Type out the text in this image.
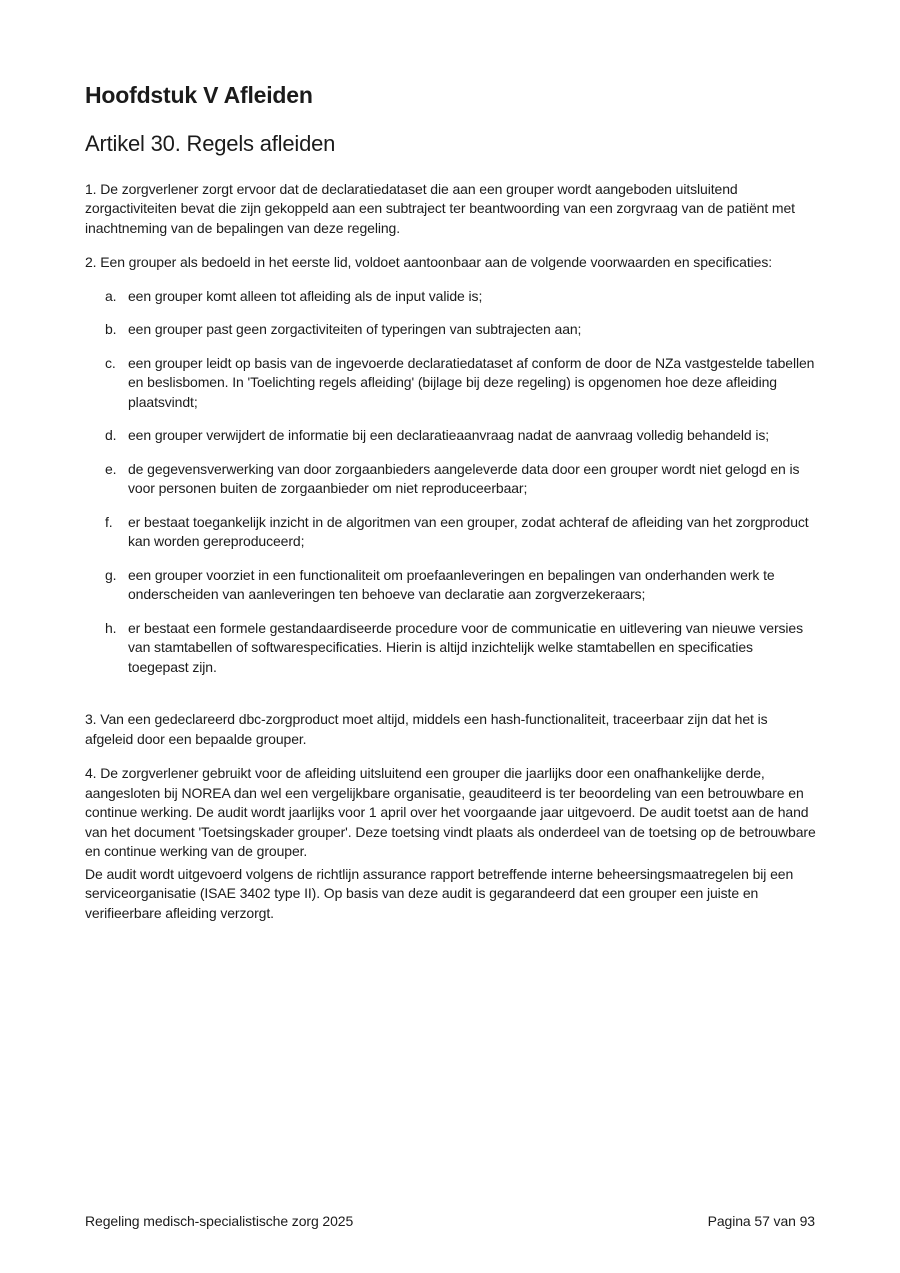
Hoofdstuk V Afleiden
Artikel 30. Regels afleiden

1. De zorgverlener zorgt ervoor dat de declaratiedataset die aan een grouper wordt aangeboden uitsluitend zorgactiviteiten bevat die zijn gekoppeld aan een subtraject ter beantwoording van een zorgvraag van de patiënt met inachtneming van de bepalingen van deze regeling.

2. Een grouper als bedoeld in het eerste lid, voldoet aantoonbaar aan de volgende voorwaarden en specificaties:

a. een grouper komt alleen tot afleiding als de input valide is;
b. een grouper past geen zorgactiviteiten of typeringen van subtrajecten aan;
c. een grouper leidt op basis van de ingevoerde declaratiedataset af conform de door de NZa vastgestelde tabellen en beslisbomen. In 'Toelichting regels afleiding' (bijlage bij deze regeling) is opgenomen hoe deze afleiding plaatsvindt;
d. een grouper verwijdert de informatie bij een declaratieaanvraag nadat de aanvraag volledig behandeld is;
e. de gegevensverwerking van door zorgaanbieders aangeleverde data door een grouper wordt niet gelogd en is voor personen buiten de zorgaanbieder om niet reproduceerbaar;
f.	er bestaat toegankelijk inzicht in de algoritmen van een grouper, zodat achteraf de afleiding van het zorgproduct kan worden gereproduceerd;
g. een grouper voorziet in een functionaliteit om proefaanleveringen en bepalingen van onderhanden werk te onderscheiden van aanleveringen ten behoeve van declaratie aan zorgverzekeraars;
h. er bestaat een formele gestandaardiseerde procedure voor de communicatie en uitlevering van nieuwe versies van stamtabellen of softwarespecificaties. Hierin is altijd inzichtelijk welke stamtabellen en specificaties toegepast zijn.

3. Van een gedeclareerd dbc-zorgproduct moet altijd, middels een hash-functionaliteit, traceerbaar zijn dat het is afgeleid door een bepaalde grouper.

4. De zorgverlener gebruikt voor de afleiding uitsluitend een grouper die jaarlijks door een onafhankelijke derde, aangesloten bij NOREA dan wel een vergelijkbare organisatie, geauditeerd is ter beoordeling van een betrouwbare en continue werking. De audit wordt jaarlijks voor 1 april over het voorgaande jaar uitgevoerd. De audit toetst aan de hand van het document 'Toetsingskader grouper'. Deze toetsing vindt plaats als onderdeel van de toetsing op de betrouwbare en continue werking van de grouper.

De audit wordt uitgevoerd volgens de richtlijn assurance rapport betreffende interne beheersingsmaatregelen bij een serviceorganisatie (ISAE 3402 type II). Op basis van deze audit is gegarandeerd dat een grouper een juiste en verifieerbare afleiding verzorgt.

Regeling medisch-specialistische zorg 2025	Pagina 57 van 93
